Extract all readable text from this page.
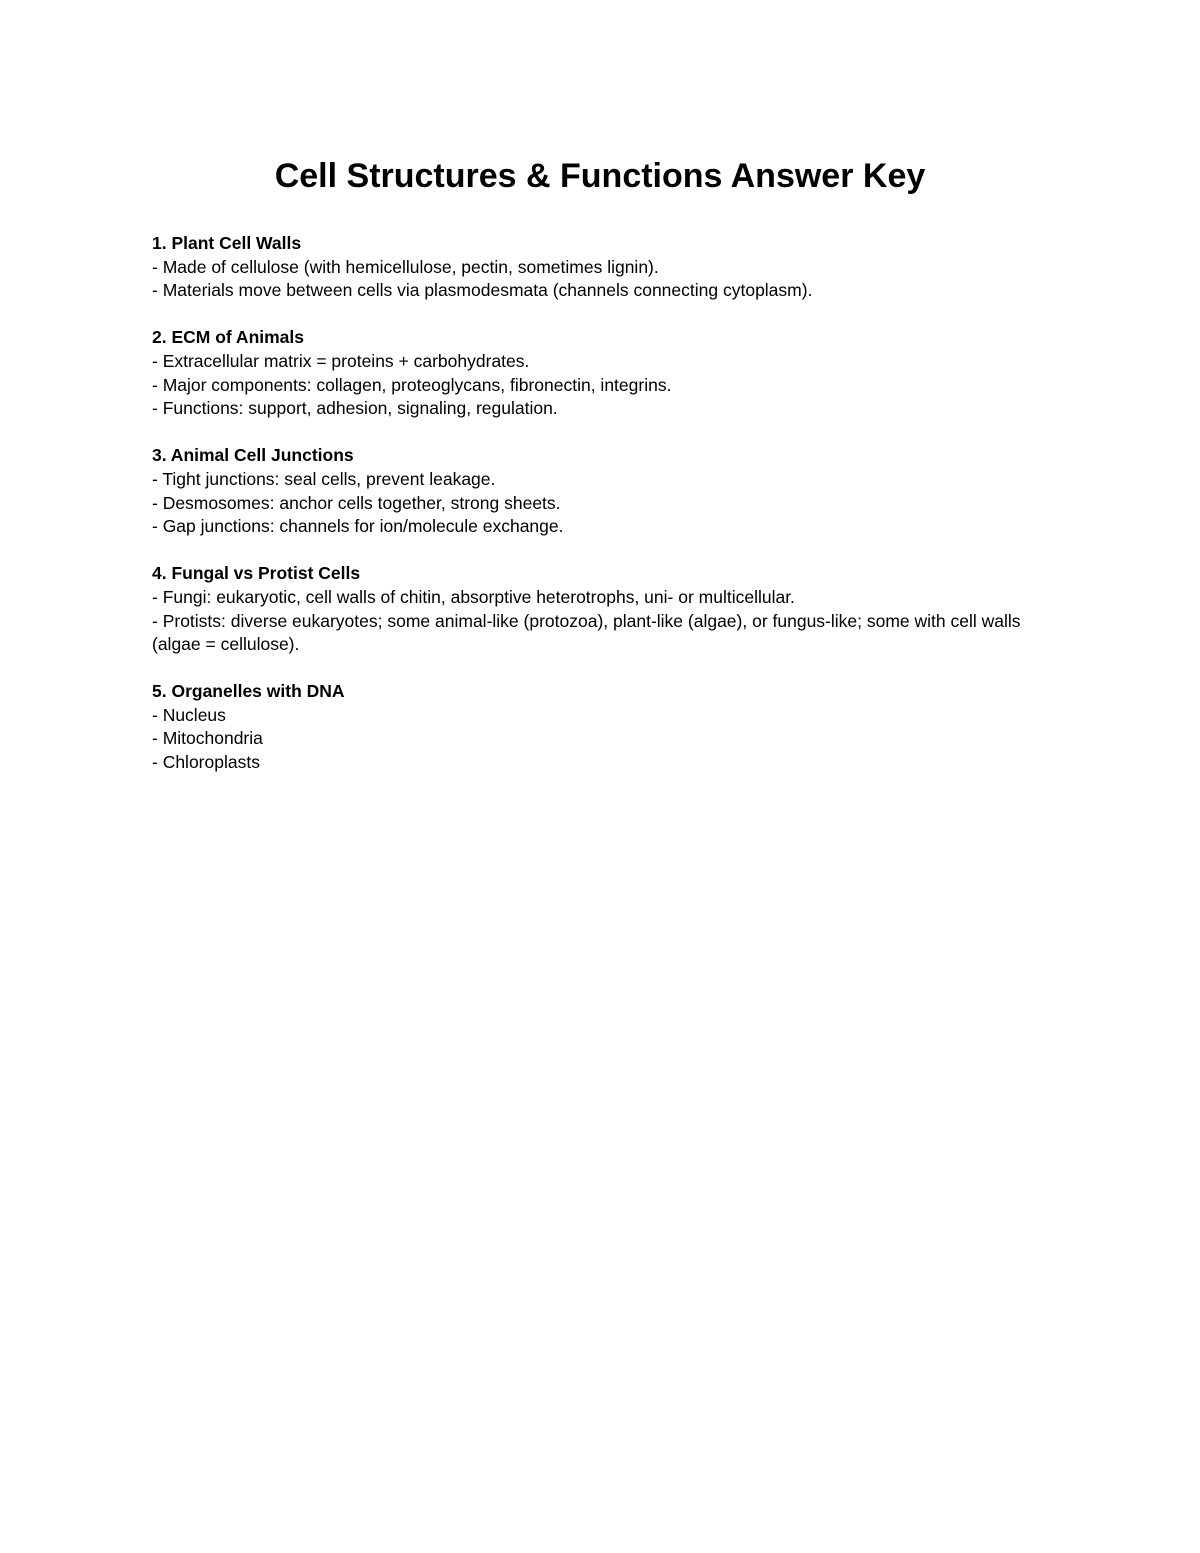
Cell Structures & Functions Answer Key
1. Plant Cell Walls
- Made of cellulose (with hemicellulose, pectin, sometimes lignin).
- Materials move between cells via plasmodesmata (channels connecting cytoplasm).
2. ECM of Animals
- Extracellular matrix = proteins + carbohydrates.
- Major components: collagen, proteoglycans, fibronectin, integrins.
- Functions: support, adhesion, signaling, regulation.
3. Animal Cell Junctions
- Tight junctions: seal cells, prevent leakage.
- Desmosomes: anchor cells together, strong sheets.
- Gap junctions: channels for ion/molecule exchange.
4. Fungal vs Protist Cells
- Fungi: eukaryotic, cell walls of chitin, absorptive heterotrophs, uni- or multicellular.
- Protists: diverse eukaryotes; some animal-like (protozoa), plant-like (algae), or fungus-like; some with cell walls (algae = cellulose).
5. Organelles with DNA
- Nucleus
- Mitochondria
- Chloroplasts
